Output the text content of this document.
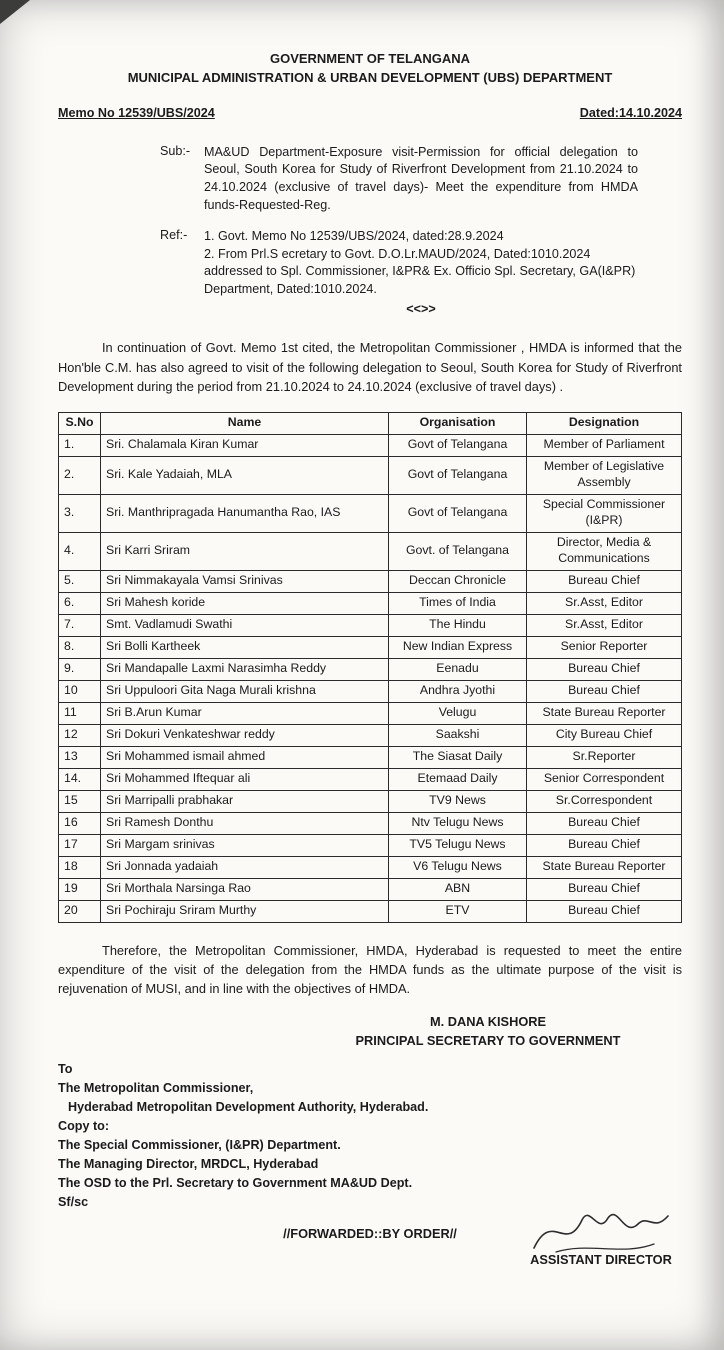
GOVERNMENT OF TELANGANA
MUNICIPAL ADMINISTRATION & URBAN DEVELOPMENT (UBS) DEPARTMENT
Memo No 12539/UBS/2024	Dated:14.10.2024
Sub:-	MA&UD Department-Exposure visit-Permission for official delegation to Seoul, South Korea for Study of Riverfront Development from 21.10.2024 to 24.10.2024 (exclusive of travel days)- Meet the expenditure from HMDA funds-Requested-Reg.
Ref:-	1. Govt. Memo No 12539/UBS/2024, dated:28.9.2024
2. From Prl.S ecretary to Govt. D.O.Lr.MAUD/2024, Dated:1010.2024 addressed to Spl. Commissioner, I&PR& Ex. Officio Spl. Secretary, GA(I&PR) Department, Dated:1010.2024.
<<>>

In continuation of Govt. Memo 1st cited, the Metropolitan Commissioner , HMDA is informed that the Hon'ble C.M. has also agreed to visit of the following delegation to Seoul, South Korea for Study of Riverfront Development during the period from 21.10.2024 to 24.10.2024 (exclusive of travel days) .

S.No	Name	Organisation	Designation
1.	Sri. Chalamala Kiran Kumar	Govt of Telangana	Member of Parliament
2.	Sri. Kale Yadaiah, MLA	Govt of Telangana	Member of Legislative Assembly
3.	Sri. Manthripragada Hanumantha Rao, IAS	Govt of Telangana	Special Commissioner (I&PR)
4.	Sri Karri Sriram	Govt. of Telangana	Director, Media & Communications
5.	Sri Nimmakayala Vamsi Srinivas	Deccan Chronicle	Bureau Chief
6.	Sri Mahesh koride	Times of India	Sr.Asst, Editor
7.	Smt. Vadlamudi Swathi	The Hindu	Sr.Asst, Editor
8.	Sri Bolli Kartheek	New Indian Express	Senior Reporter
9.	Sri Mandapalle Laxmi Narasimha Reddy	Eenadu	Bureau Chief
10	Sri Uppuloori Gita Naga Murali krishna	Andhra Jyothi	Bureau Chief
11	Sri B.Arun Kumar	Velugu	State Bureau Reporter
12	Sri Dokuri Venkateshwar reddy	Saakshi	City Bureau Chief
13	Sri Mohammed ismail ahmed	The Siasat Daily	Sr.Reporter
14.	Sri Mohammed Iftequar ali	Etemaad Daily	Senior Correspondent
15	Sri Marripalli prabhakar	TV9 News	Sr.Correspondent
16	Sri Ramesh Donthu	Ntv Telugu News	Bureau Chief
17	Sri Margam srinivas	TV5 Telugu News	Bureau Chief
18	Sri Jonnada yadaiah	V6 Telugu News	State Bureau Reporter
19	Sri Morthala Narsinga Rao	ABN	Bureau Chief
20	Sri Pochiraju Sriram Murthy	ETV	Bureau Chief

Therefore, the Metropolitan Commissioner, HMDA, Hyderabad is requested to meet the entire expenditure of the visit of the delegation from the HMDA funds as the ultimate purpose of the visit is rejuvenation of MUSI, and in line with the objectives of HMDA.

M. DANA KISHORE
PRINCIPAL SECRETARY TO GOVERNMENT
To
The Metropolitan Commissioner,
Hyderabad Metropolitan Development Authority, Hyderabad.
Copy to:
The Special Commissioner, (I&PR) Department.
The Managing Director, MRDCL, Hyderabad
The OSD to the Prl. Secretary to Government MA&UD Dept.
Sf/sc
//FORWARDED::BY ORDER//
ASSISTANT DIRECTOR
